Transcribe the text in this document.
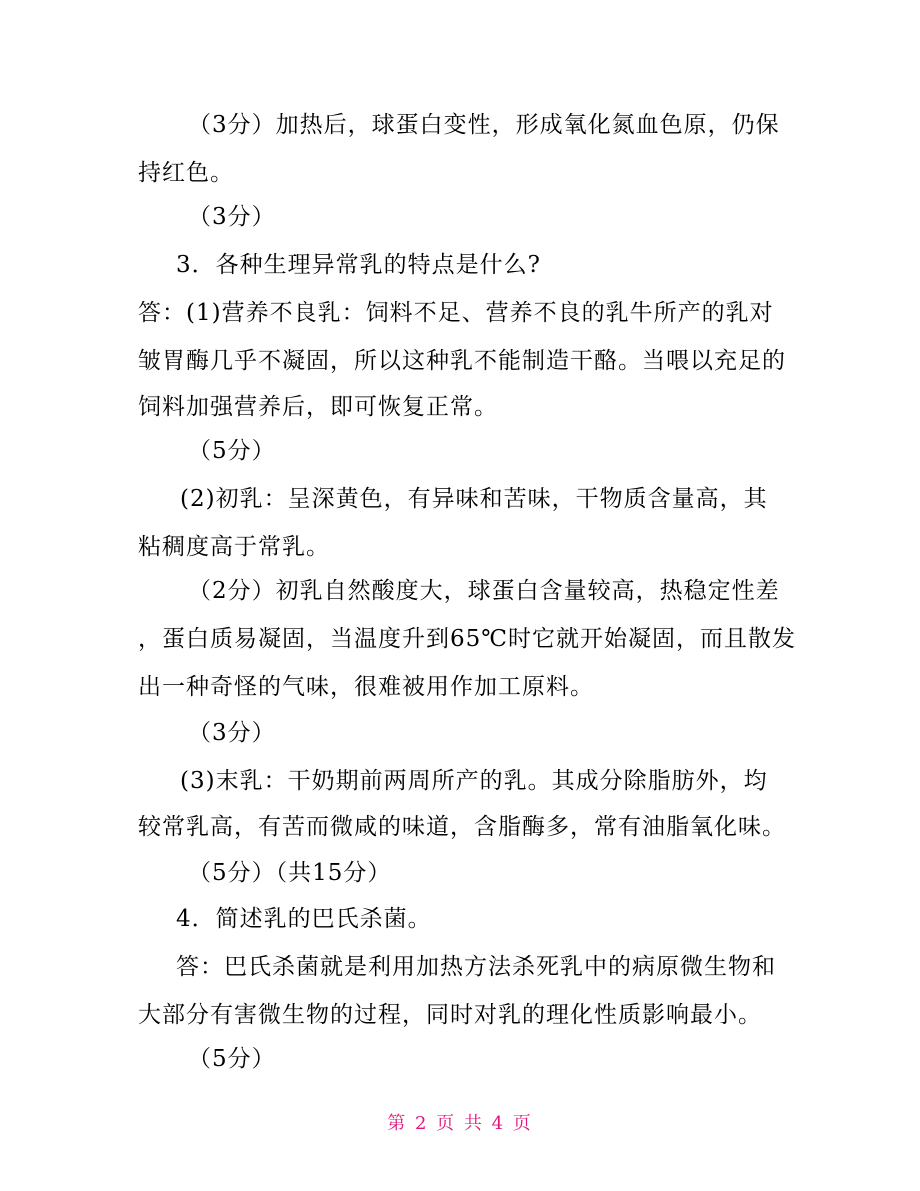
（3分）加热后，球蛋白变性，形成氧化氮血色原，仍保
持红色。
（3分）
3．各种生理异常乳的特点是什么?
答：(1)营养不良乳：饲料不足、营养不良的乳牛所产的乳对
皱胃酶几乎不凝固，所以这种乳不能制造干酪。当喂以充足的
饲料加强营养后，即可恢复正常。
（5分）
(2)初乳：呈深黄色，有异味和苦味，干物质含量高，其
粘稠度高于常乳。
（2分）初乳自然酸度大，球蛋白含量较高，热稳定性差
，蛋白质易凝固，当温度升到65℃时它就开始凝固，而且散发
出一种奇怪的气味，很难被用作加工原料。
（3分）
(3)末乳：干奶期前两周所产的乳。其成分除脂肪外，均
较常乳高，有苦而微咸的味道，含脂酶多，常有油脂氧化味。
（5分）（共15分）
4．简述乳的巴氏杀菌。
答：巴氏杀菌就是利用加热方法杀死乳中的病原微生物和
大部分有害微生物的过程，同时对乳的理化性质影响最小。
（5分）
第 2 页 共 4 页
